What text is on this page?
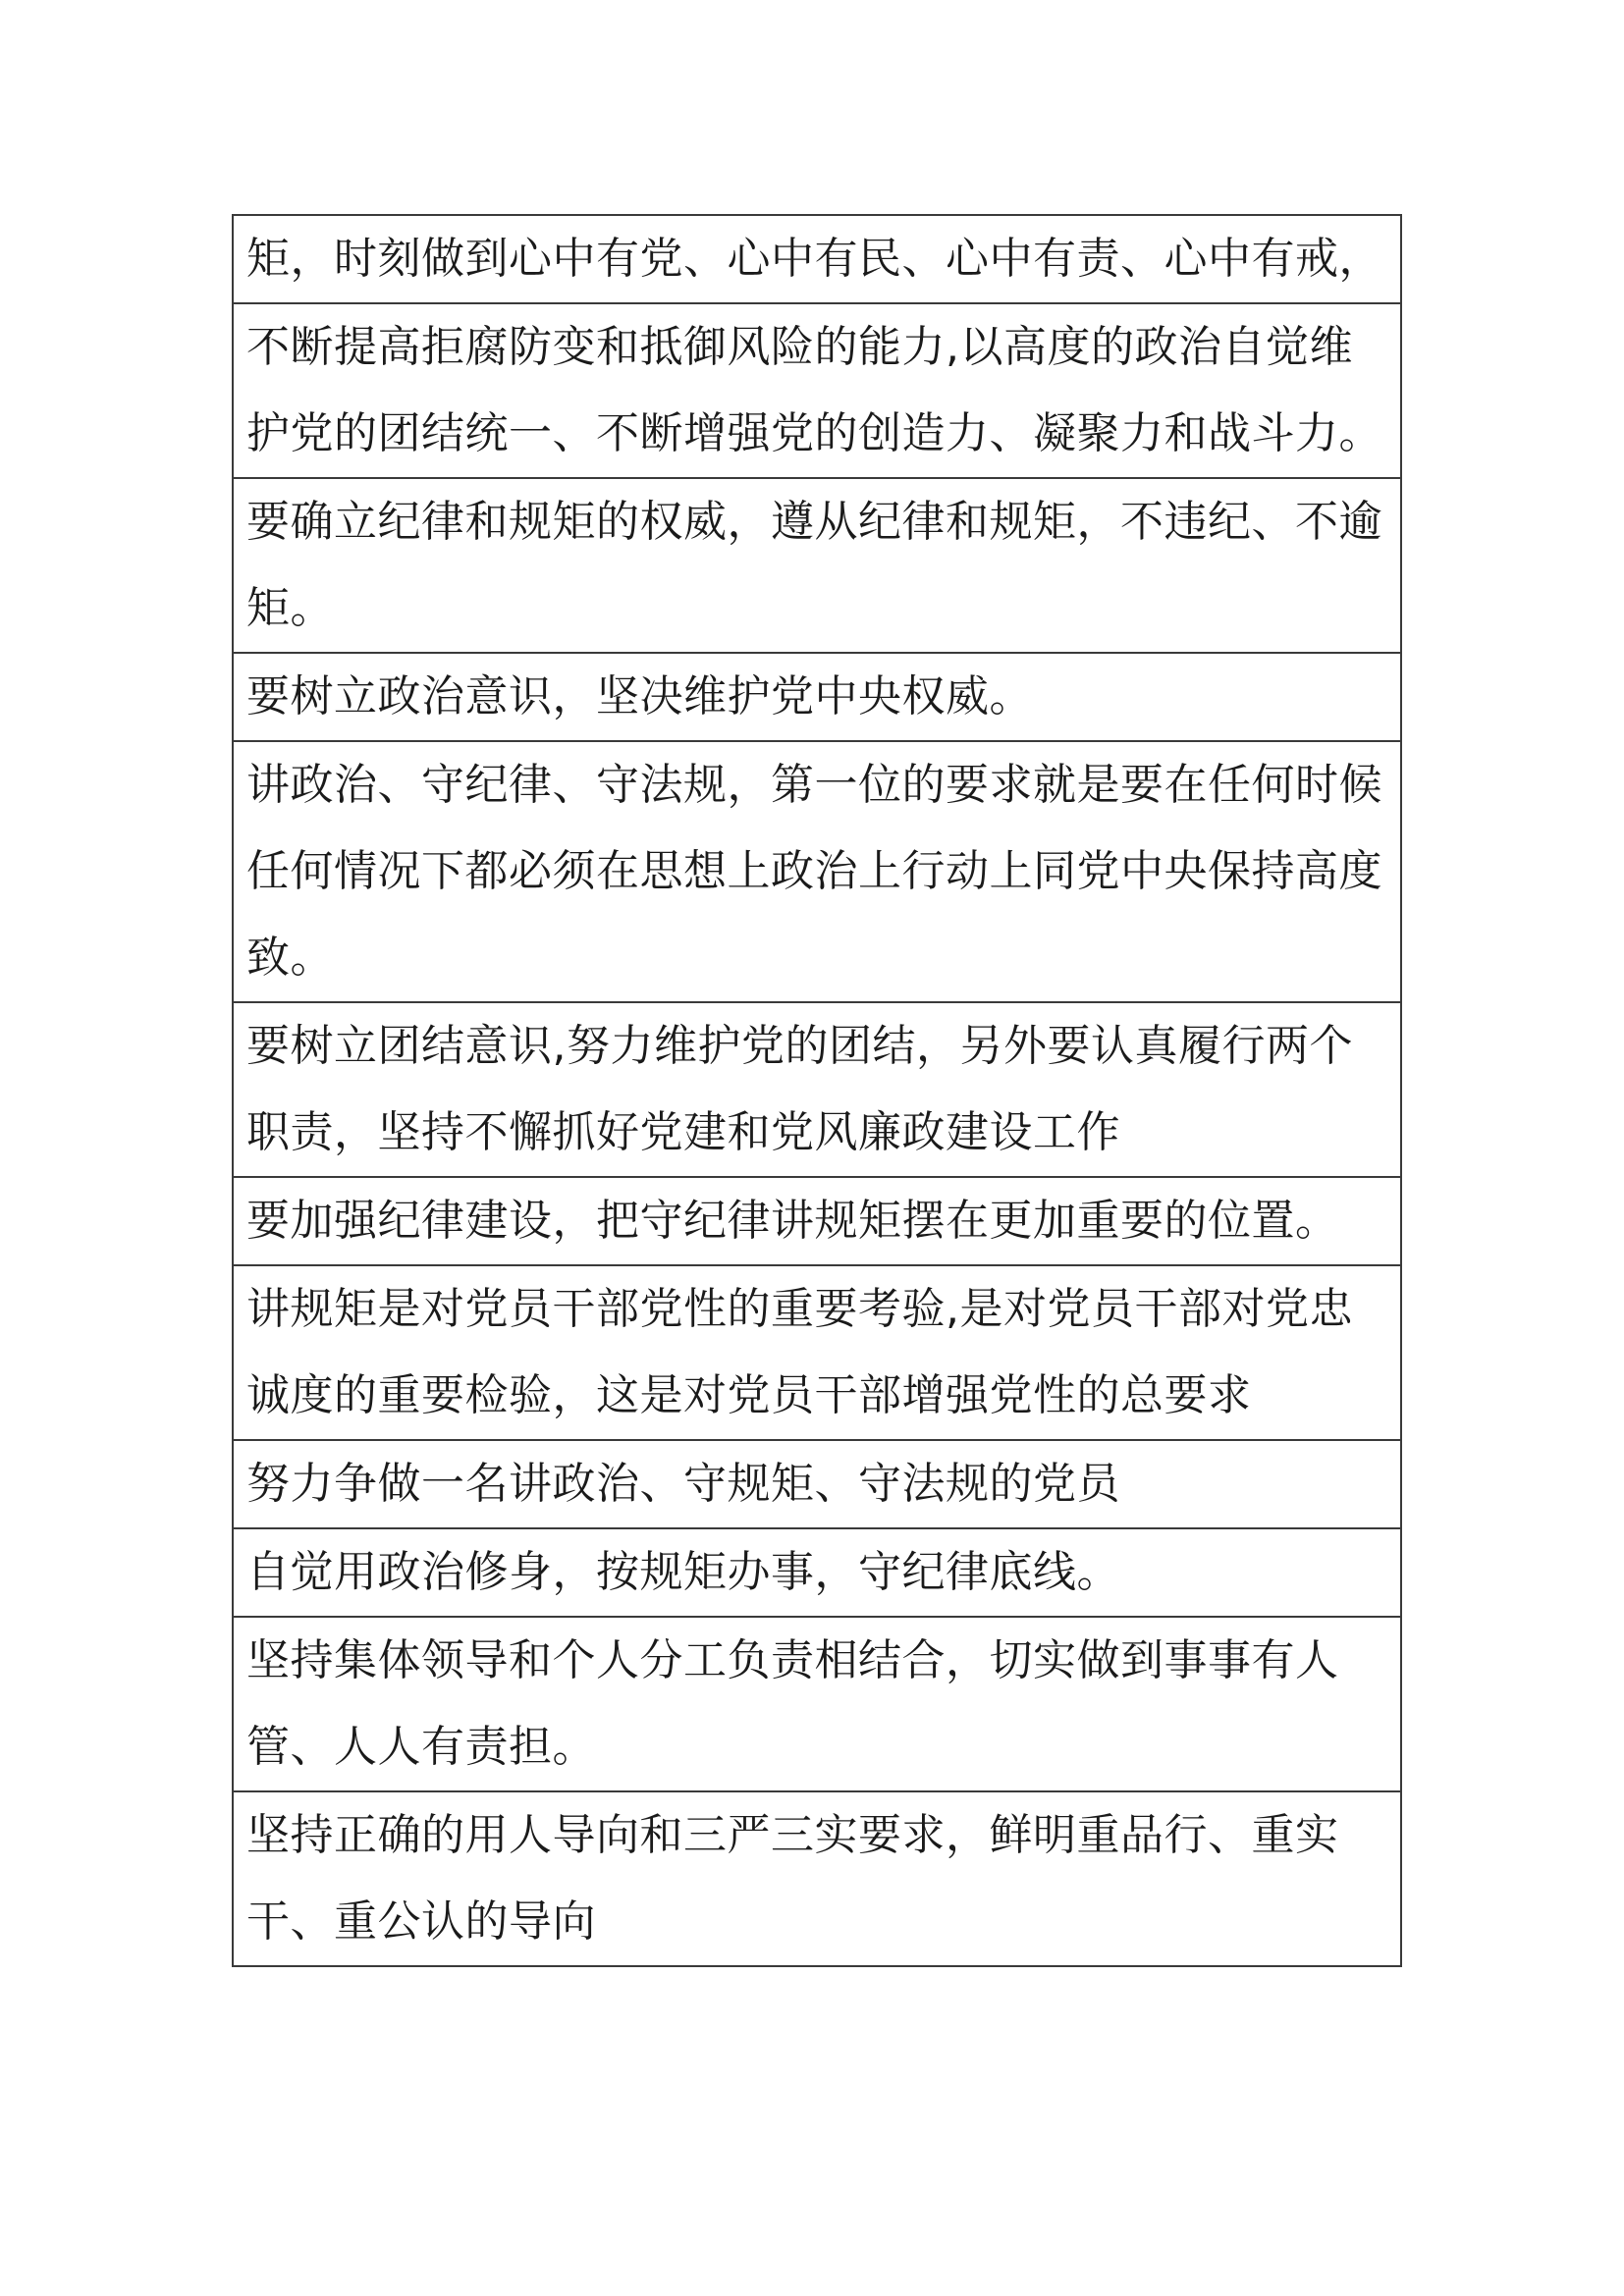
矩，时刻做到心中有党、心中有民、心中有责、心中有戒，
不断提高拒腐防变和抵御风险的能力,以高度的政治自觉维护党的团结统一、不断增强党的创造力、凝聚力和战斗力。
要确立纪律和规矩的权威，遵从纪律和规矩，不违纪、不逾矩。
要树立政治意识，坚决维护党中央权威。
讲政治、守纪律、守法规，第一位的要求就是要在任何时候任何情况下都必须在思想上政治上行动上同党中央保持高度致。
要树立团结意识,努力维护党的团结，另外要认真履行两个职责，坚持不懈抓好党建和党风廉政建设工作
要加强纪律建设，把守纪律讲规矩摆在更加重要的位置。
讲规矩是对党员干部党性的重要考验,是对党员干部对党忠诚度的重要检验，这是对党员干部增强党性的总要求
努力争做一名讲政治、守规矩、守法规的党员
自觉用政治修身，按规矩办事，守纪律底线。
坚持集体领导和个人分工负责相结合，切实做到事事有人管、人人有责担。
坚持正确的用人导向和三严三实要求，鲜明重品行、重实干、重公认的导向
